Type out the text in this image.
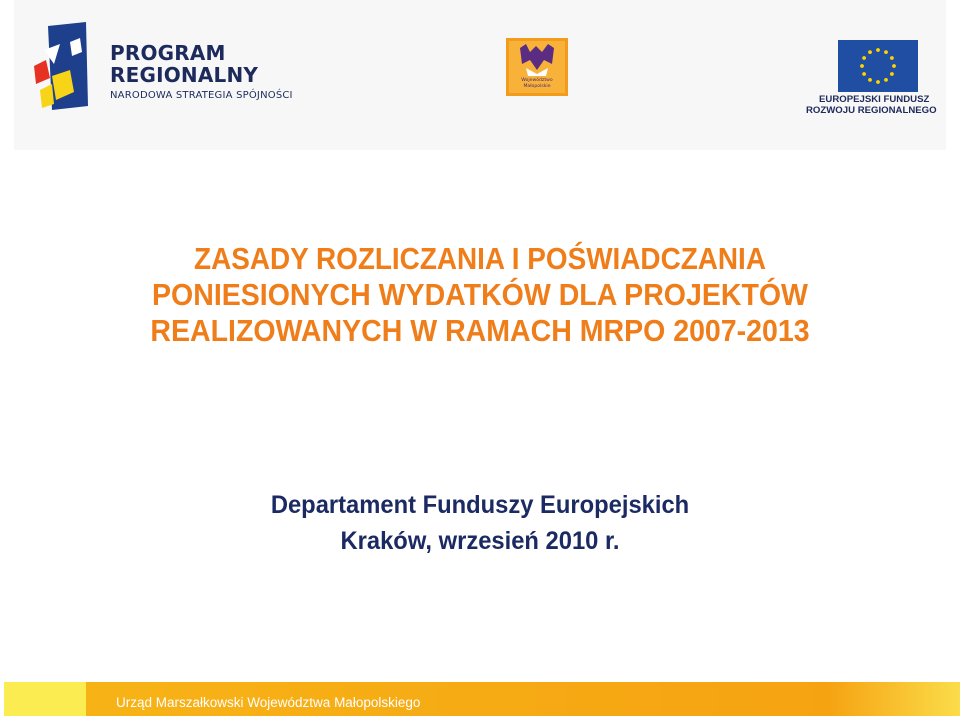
PROGRAM
REGIONALNY
NARODOWA STRATEGIA SPÓJNOŚCI
Województwo
Małopolskie
EUROPEJSKI FUNDUSZ
ROZWOJU REGIONALNEGO
ZASADY ROZLICZANIA I POŚWIADCZANIA
PONIESIONYCH WYDATKÓW DLA PROJEKTÓW
REALIZOWANYCH W RAMACH MRPO 2007-2013
Departament Funduszy Europejskich
Kraków, wrzesień 2010 r.
Urząd Marszałkowski Województwa Małopolskiego
